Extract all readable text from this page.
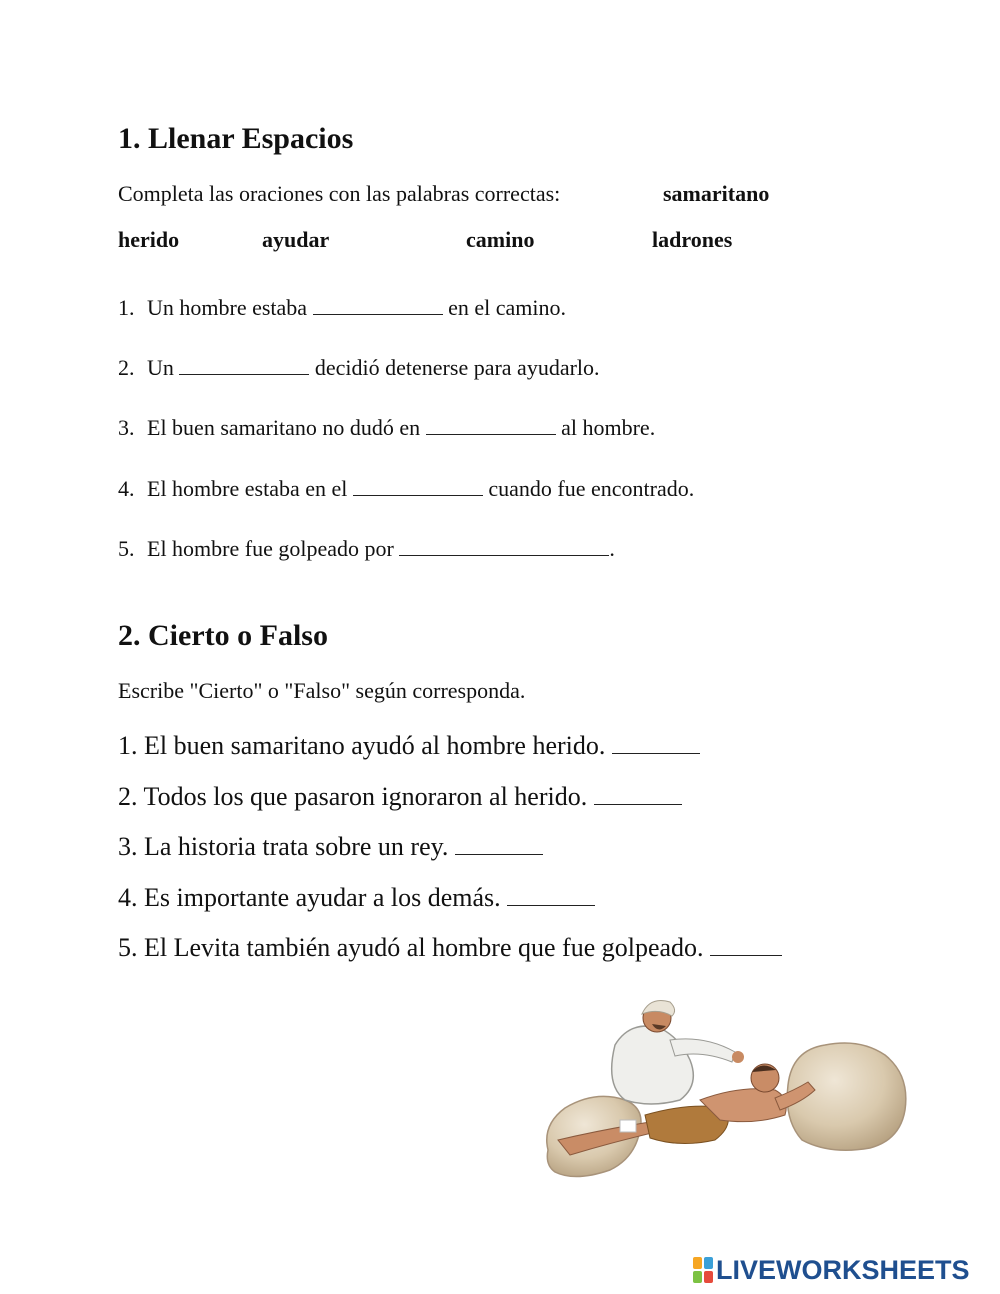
1. Llenar Espacios
Completa las oraciones con las palabras correctas:	samaritano
herido	ayudar	camino	ladrones
1. Un hombre estaba	en el camino.
2. Un	decidió detenerse para ayudarlo.
3. El buen samaritano no dudó en	al hombre.
4. El hombre estaba en el	cuando fue encontrado.
5. El hombre fue golpeado por	.
2. Cierto o Falso
Escribe "Cierto" o "Falso" según corresponda.
1. El buen samaritano ayudó al hombre herido.
2. Todos los que pasaron ignoraron al herido.
3. La historia trata sobre un rey.
4. Es importante ayudar a los demás.
5. El Levita también ayudó al hombre que fue golpeado.
LIVEWORKSHEETS
